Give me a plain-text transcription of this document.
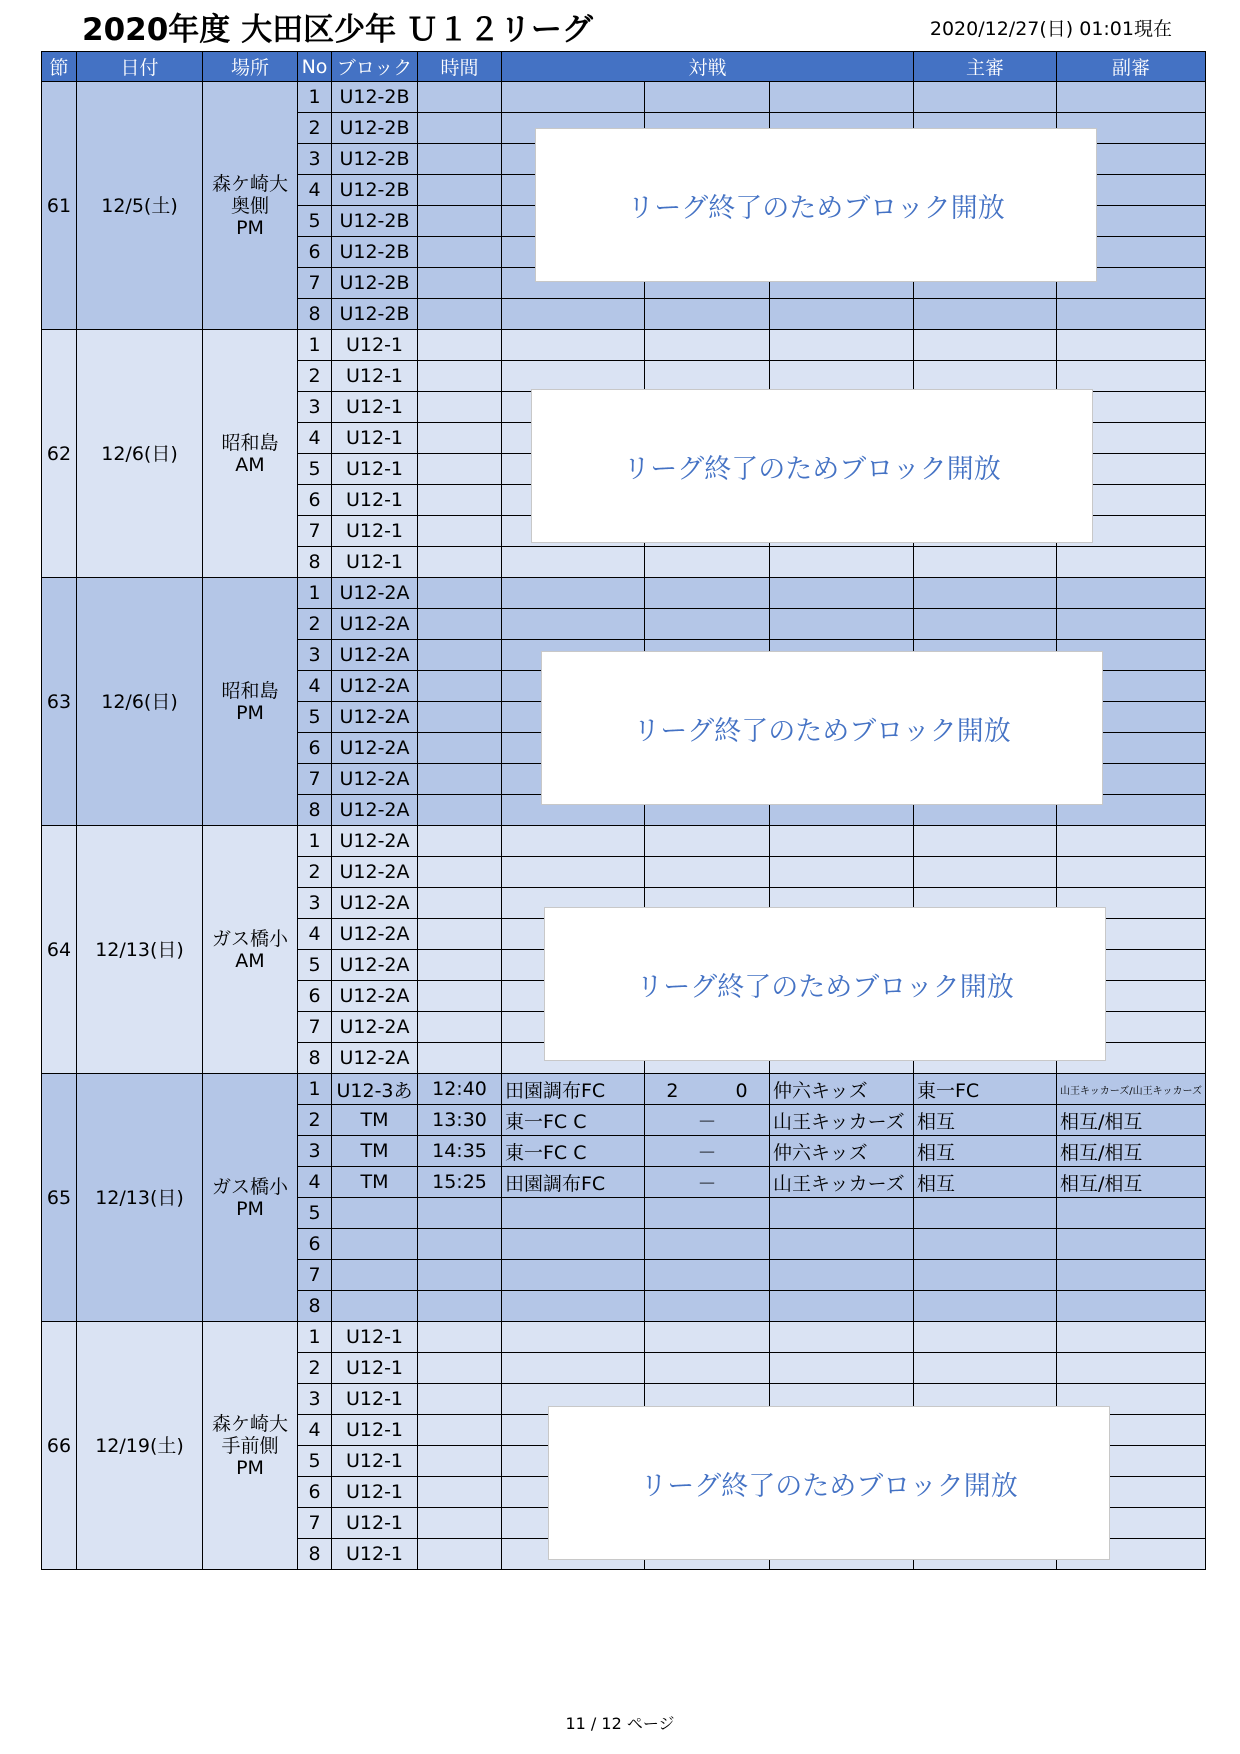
2020年度 大田区少年 Ｕ１２リーグ	2020/12/27(日) 01:01現在
節	日付	場所	No	ブロック	時間	対戦			主審	副審
61	12/5(土)	森ケ崎大
奥側
PM	1	U12-2B						
			2	U12-2B						
			3	U12-2B						
			4	U12-2B						
			5	U12-2B						
			6	U12-2B						
			7	U12-2B						
			8	U12-2B						
62	12/6(日)	昭和島
AM	1	U12-1						
			2	U12-1						
			3	U12-1						
			4	U12-1						
			5	U12-1						
			6	U12-1						
			7	U12-1						
			8	U12-1						
63	12/6(日)	昭和島
PM	1	U12-2A						
			2	U12-2A						
			3	U12-2A						
			4	U12-2A						
			5	U12-2A						
			6	U12-2A						
			7	U12-2A						
			8	U12-2A						
64	12/13(日)	ガス橋小
AM	1	U12-2A						
			2	U12-2A						
			3	U12-2A						
			4	U12-2A						
			5	U12-2A						
			6	U12-2A						
			7	U12-2A						
			8	U12-2A						
65	12/13(日)	ガス橋小
PM	1	U12-3あ	12:40	田園調布FC	2　　　0	仲六キッズ	東一FC	山王キッカーズ/山王キッカーズ
			2	TM	13:30	東一FC C	－	山王キッカーズ	相互	相互/相互
			3	TM	14:35	東一FC C	－	仲六キッズ	相互	相互/相互
			4	TM	15:25	田園調布FC	－	山王キッカーズ	相互	相互/相互
			5							
			6							
			7							
			8							
66	12/19(土)	森ケ崎大
手前側
PM	1	U12-1						
			2	U12-1						
			3	U12-1						
			4	U12-1						
			5	U12-1						
			6	U12-1						
			7	U12-1						
			8	U12-1						
リーグ終了のためブロック開放
リーグ終了のためブロック開放
リーグ終了のためブロック開放
リーグ終了のためブロック開放
リーグ終了のためブロック開放
11 / 12 ページ
